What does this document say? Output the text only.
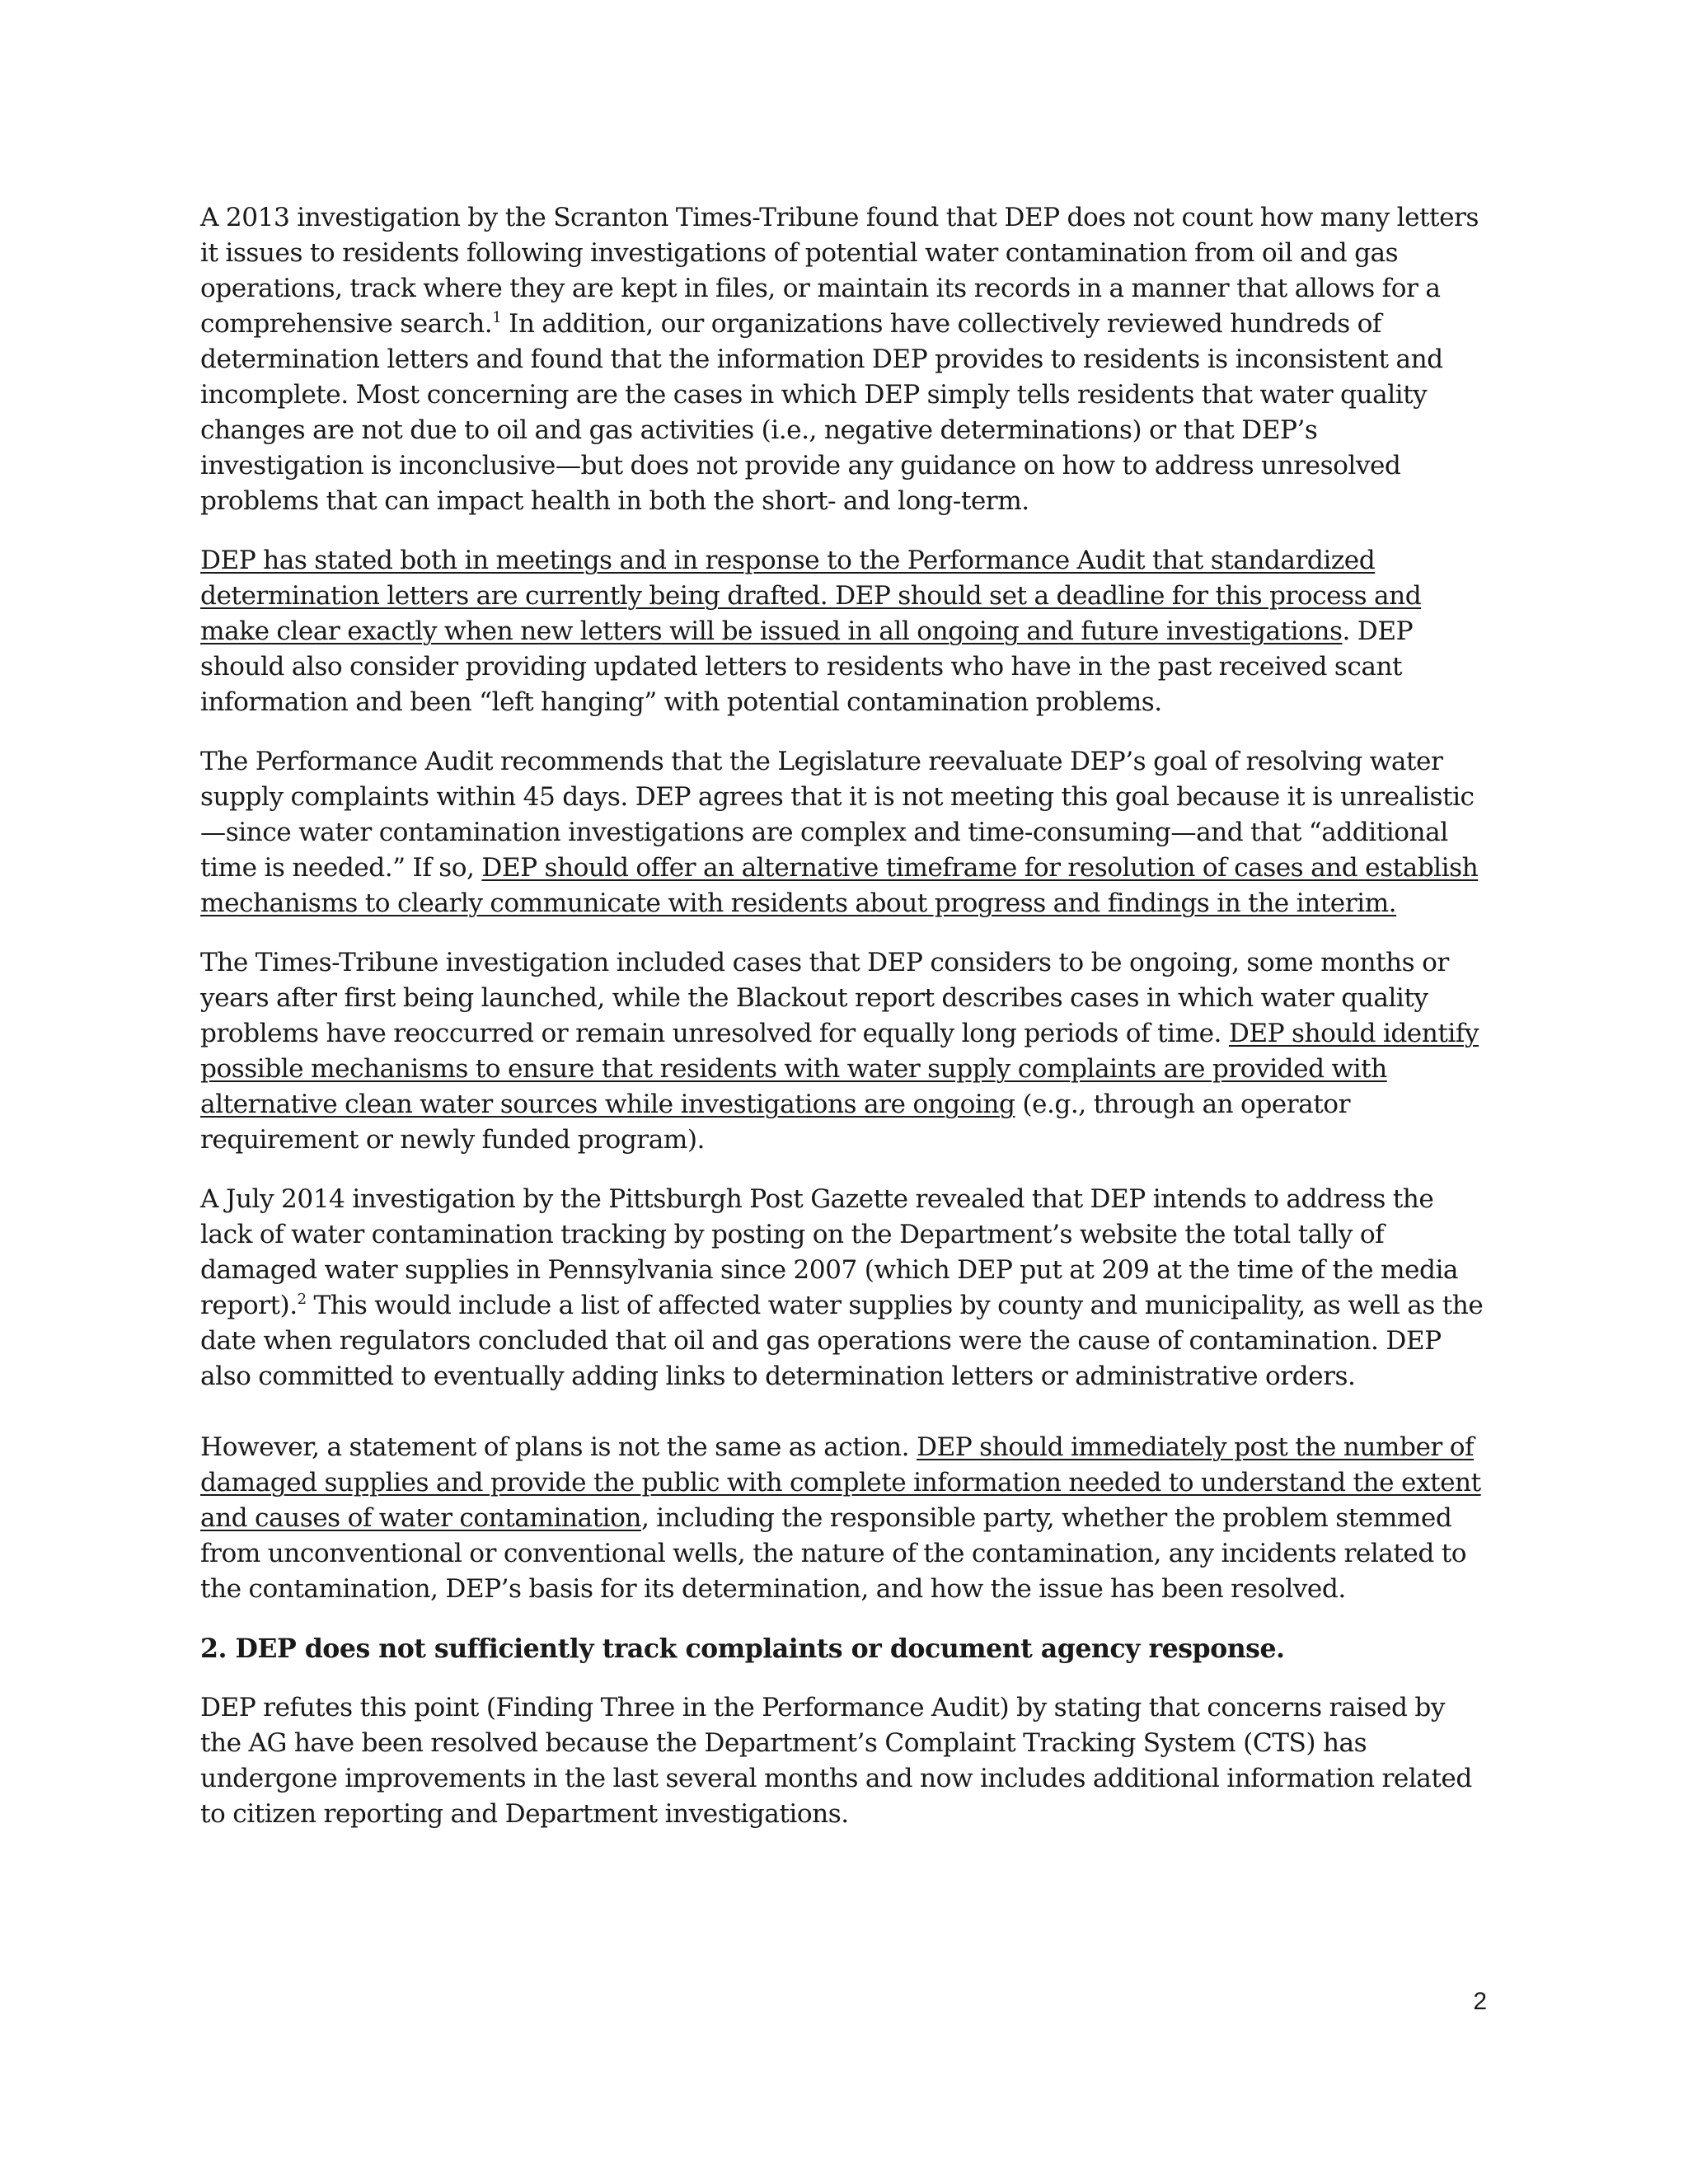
A 2013 investigation by the Scranton Times-Tribune found that DEP does not count how many letters it issues to residents following investigations of potential water contamination from oil and gas operations, track where they are kept in files, or maintain its records in a manner that allows for a comprehensive search.$^1$ In addition, our organizations have collectively reviewed hundreds of determination letters and found that the information DEP provides to residents is inconsistent and incomplete. Most concerning are the cases in which DEP simply tells residents that water quality changes are not due to oil and gas activities (i.e., negative determinations) or that DEP’s investigation is inconclusive—but does not provide any guidance on how to address unresolved problems that can impact health in both the short- and long-term.

DEP has stated both in meetings and in response to the Performance Audit that standardized determination letters are currently being drafted. DEP should set a deadline for this process and make clear exactly when new letters will be issued in all ongoing and future investigations. DEP should also consider providing updated letters to residents who have in the past received scant information and been “left hanging” with potential contamination problems.

The Performance Audit recommends that the Legislature reevaluate DEP’s goal of resolving water supply complaints within 45 days. DEP agrees that it is not meeting this goal because it is unrealistic—since water contamination investigations are complex and time-consuming—and that “additional time is needed.” If so, DEP should offer an alternative timeframe for resolution of cases and establish mechanisms to clearly communicate with residents about progress and findings in the interim.

The Times-Tribune investigation included cases that DEP considers to be ongoing, some months or years after first being launched, while the Blackout report describes cases in which water quality problems have reoccurred or remain unresolved for equally long periods of time. DEP should identify possible mechanisms to ensure that residents with water supply complaints are provided with alternative clean water sources while investigations are ongoing (e.g., through an operator requirement or newly funded program).

A July 2014 investigation by the Pittsburgh Post Gazette revealed that DEP intends to address the lack of water contamination tracking by posting on the Department’s website the total tally of damaged water supplies in Pennsylvania since 2007 (which DEP put at 209 at the time of the media report).$^2$ This would include a list of affected water supplies by county and municipality, as well as the date when regulators concluded that oil and gas operations were the cause of contamination. DEP also committed to eventually adding links to determination letters or administrative orders.

However, a statement of plans is not the same as action. DEP should immediately post the number of damaged supplies and provide the public with complete information needed to understand the extent and causes of water contamination, including the responsible party, whether the problem stemmed from unconventional or conventional wells, the nature of the contamination, any incidents related to the contamination, DEP’s basis for its determination, and how the issue has been resolved.

2. DEP does not sufficiently track complaints or document agency response.

DEP refutes this point (Finding Three in the Performance Audit) by stating that concerns raised by the AG have been resolved because the Department’s Complaint Tracking System (CTS) has undergone improvements in the last several months and now includes additional information related to citizen reporting and Department investigations.

2
